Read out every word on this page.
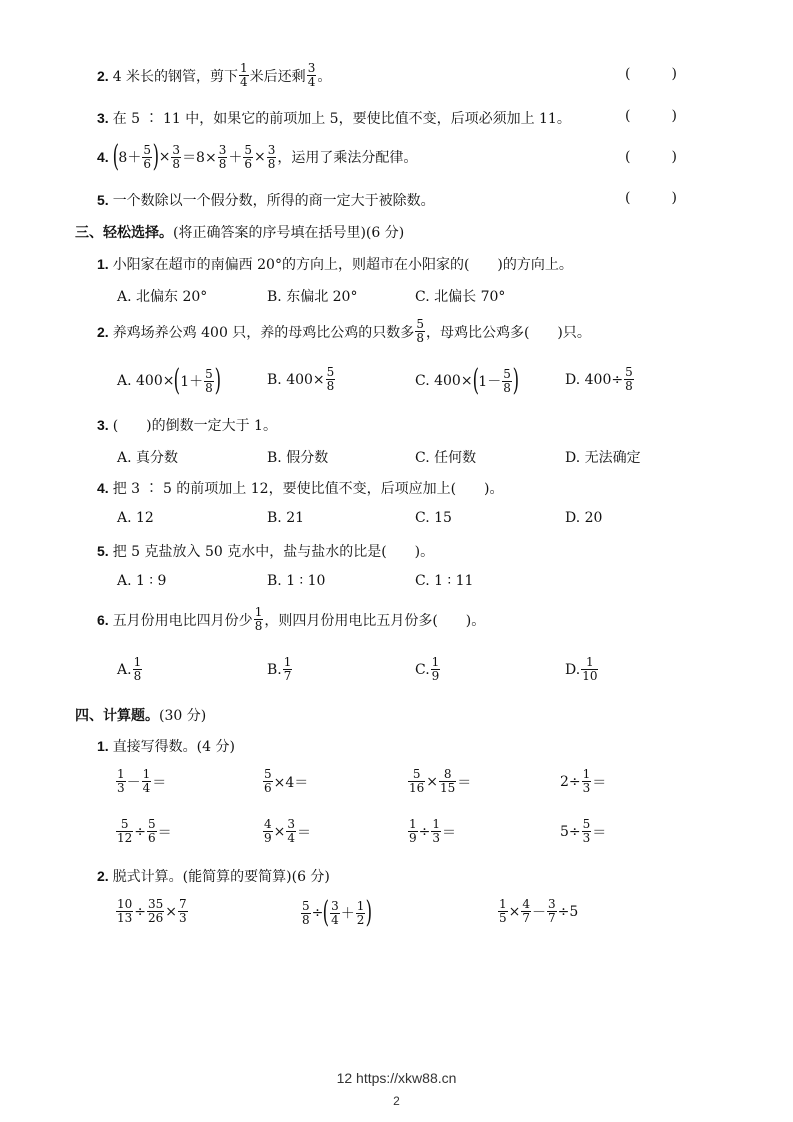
2. 4 米长的钢管，剪下 $\frac{1}{4}$ 米后还剩 $\frac{3}{4}$ 。	(	)
3. 在 5 ∶ 11 中，如果它的前项加上 5，要使比值不变，后项必须加上 11。	(	)
4. ( $8+ \frac{5}{6}$ ) × $\frac{3}{8} =8\times \frac{3}{8} + \frac{5}{6} \times \frac{3}{8}$ ，运用了乘法分配律。	(	)
5. 一个数除以一个假分数，所得的商一定大于被除数。	(	)
三、轻松选择。 (将正确答案的序号填在括号里)(6 分)
1. 小阳家在超市的南偏西 20°的方向上，则超市在小阳家的(　　)的方向上。
A. 北偏东 20°	B. 东偏北 20°	C. 北偏长 70°
2. 养鸡场养公鸡 400 只，养的母鸡比公鸡的只数多 $\frac{5}{8}$ ，母鸡比公鸡多(　　)只。
A. 400× ( $1+ \frac{5}{8}$ )	B. $400\times \frac{5}{8}$	C. 400× ( $1- \frac{5}{8}$ )	D. $400\div \frac{5}{8}$
3. (　　)的倒数一定大于 1。
A. 真分数	B. 假分数	C. 任何数	D. 无法确定
4. 把 3 ∶ 5 的前项加上 12，要使比值不变，后项应加上(　　)。
A. 12	B. 21	C. 15	D. 20
5. 把 5 克盐放入 50 克水中，盐与盐水的比是(　　)。
A. 1 ∶ 9	B. 1 ∶ 10	C. 1 ∶ 11
6. 五月份用电比四月份少 $\frac{1}{8}$ ，则四月份用电比五月份多(　　)。
A. $\frac{1}{8}$	B. $\frac{1}{7}$	C. $\frac{1}{9}$	D. $\frac{1}{10}$
四、计算题。 (30 分)
1. 直接写得数。(4 分)
$\frac{1}{3} - \frac{1}{4}$ ＝	$\frac{5}{6} \times 4=$	$\frac{5}{16} \times \frac{8}{15}$ ＝	$2\div \frac{1}{3}$ ＝
$\frac{5}{12} \div \frac{5}{6}$ ＝	$\frac{4}{9} \times \frac{3}{4}$ ＝	$\frac{1}{9} \div \frac{1}{3}$ ＝	$5\div \frac{5}{3}$ ＝
2. 脱式计算。(能简算的要简算)(6 分)
$\frac{10}{13} \div \frac{35}{26} \times \frac{7}{3}$	$\frac{5}{8}$ ÷ ( $\frac{3}{4} + \frac{1}{2}$ )	$\frac{1}{5} \times \frac{4}{7} - \frac{3}{7} \div 5$
12 https://xkw88.cn
2
